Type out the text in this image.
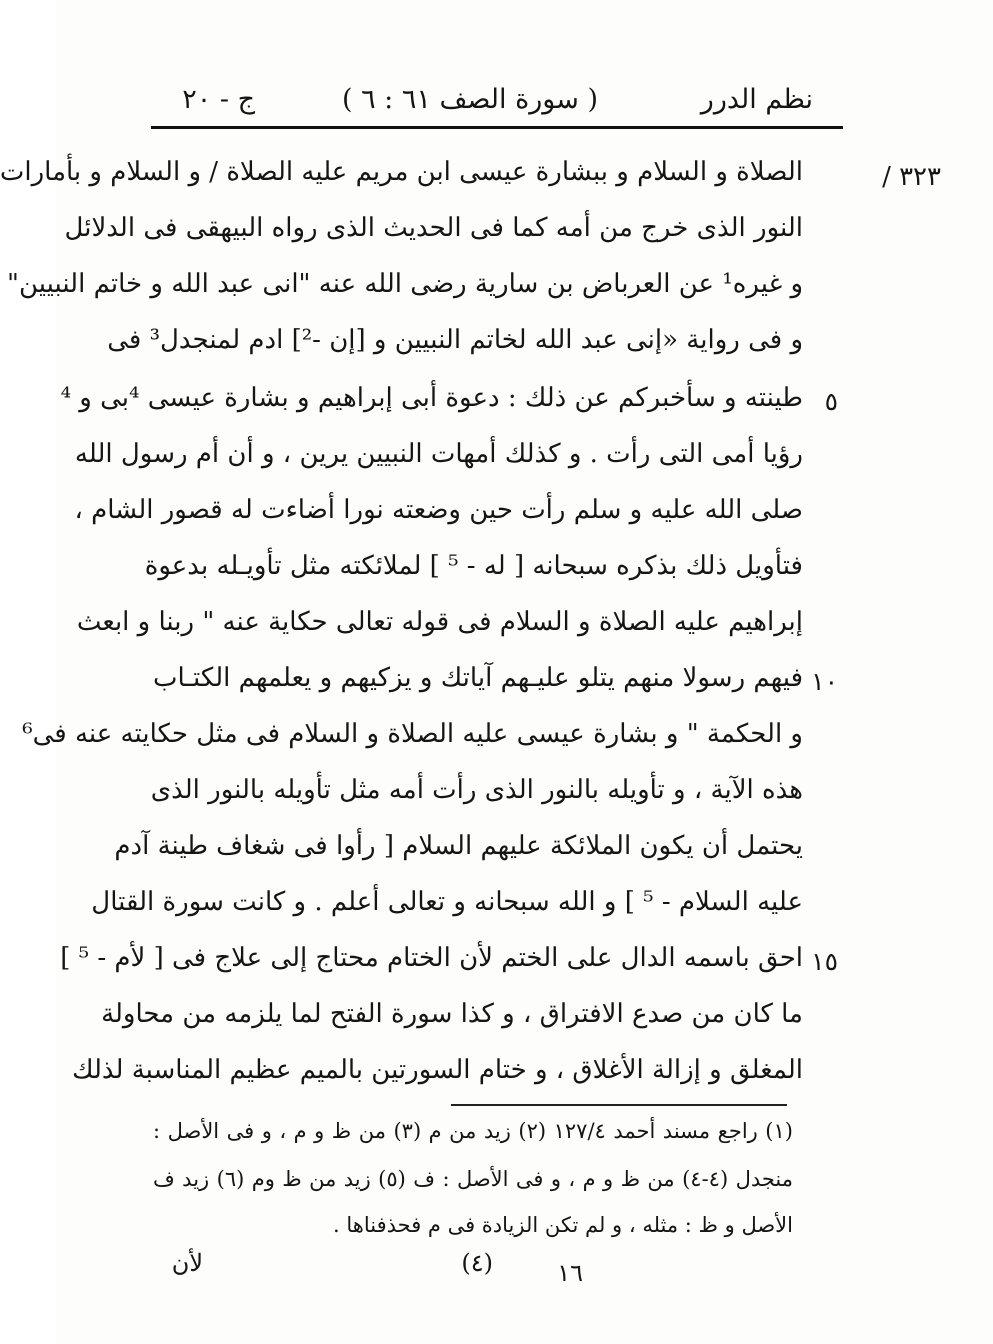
نظم الدرر
( سورة الصف ٦١ : ٦ )
ج - ٢٠
٣٢٣ /
الصلاة و السلام و ببشارة عيسى ابن مريم عليه الصلاة / و السلام و بأمارات
النور الذى خرج من أمه كما فى الحديث الذى رواه البيهقى فى الدلائل
و غيره¹ عن العرباض بن سارية رضى الله عنه "انى عبد الله و خاتم النبيين"
و فى رواية «إنى عبد الله لخاتم النبيين و [إن -²] ادم لمنجدل³ فى
طينته و سأخبركم عن ذلك : دعوة أبى إبراهيم و بشارة عيسى ⁴بى و ⁴ ٥
رؤيا أمى التى رأت . و كذلك أمهات النبيين يرين ، و أن أم رسول الله
صلى الله عليه و سلم رأت حين وضعته نورا أضاءت له قصور الشام ،
فتأويل ذلك بذكره سبحانه [ له - ⁵ ] لملائكته مثل تأويـله بدعوة
إبراهيم عليه الصلاة و السلام فى قوله تعالى حكاية عنه " ربنا و ابعث
فيهم رسولا منهم يتلو عليـهم آياتك و يزكيهم و يعلمهم الكتـاب ١٠
و الحكمة " و بشارة عيسى عليه الصلاة و السلام فى مثل حكايته عنه فى⁶
هذه الآية ، و تأويله بالنور الذى رأت أمه مثل تأويله بالنور الذى
يحتمل أن يكون الملائكة عليهم السلام [ رأوا فى شغاف طينة آدم
عليه السلام - ⁵ ] و الله سبحانه و تعالى أعلم . و كانت سورة القتال
احق باسمه الدال على الختم لأن الختام محتاج إلى علاج فى [ لأم - ⁵ ] ١٥
ما كان من صدع الافتراق ، و كذا سورة الفتح لما يلزمه من محاولة
المغلق و إزالة الأغلاق ، و ختام السورتين بالميم عظيم المناسبة لذلك
(١) راجع مسند أحمد ١٢٧/٤ (٢) زيد من م (٣) من ظ و م ، و فى الأصل :
منجدل (٤-٤) من ظ و م ، و فى الأصل : ف (٥) زيد من ظ وم (٦) زيد ف
الأصل و ظ : مثله ، و لم تكن الزيادة فى م فحذفناها .
لأن	(٤)	١٦
